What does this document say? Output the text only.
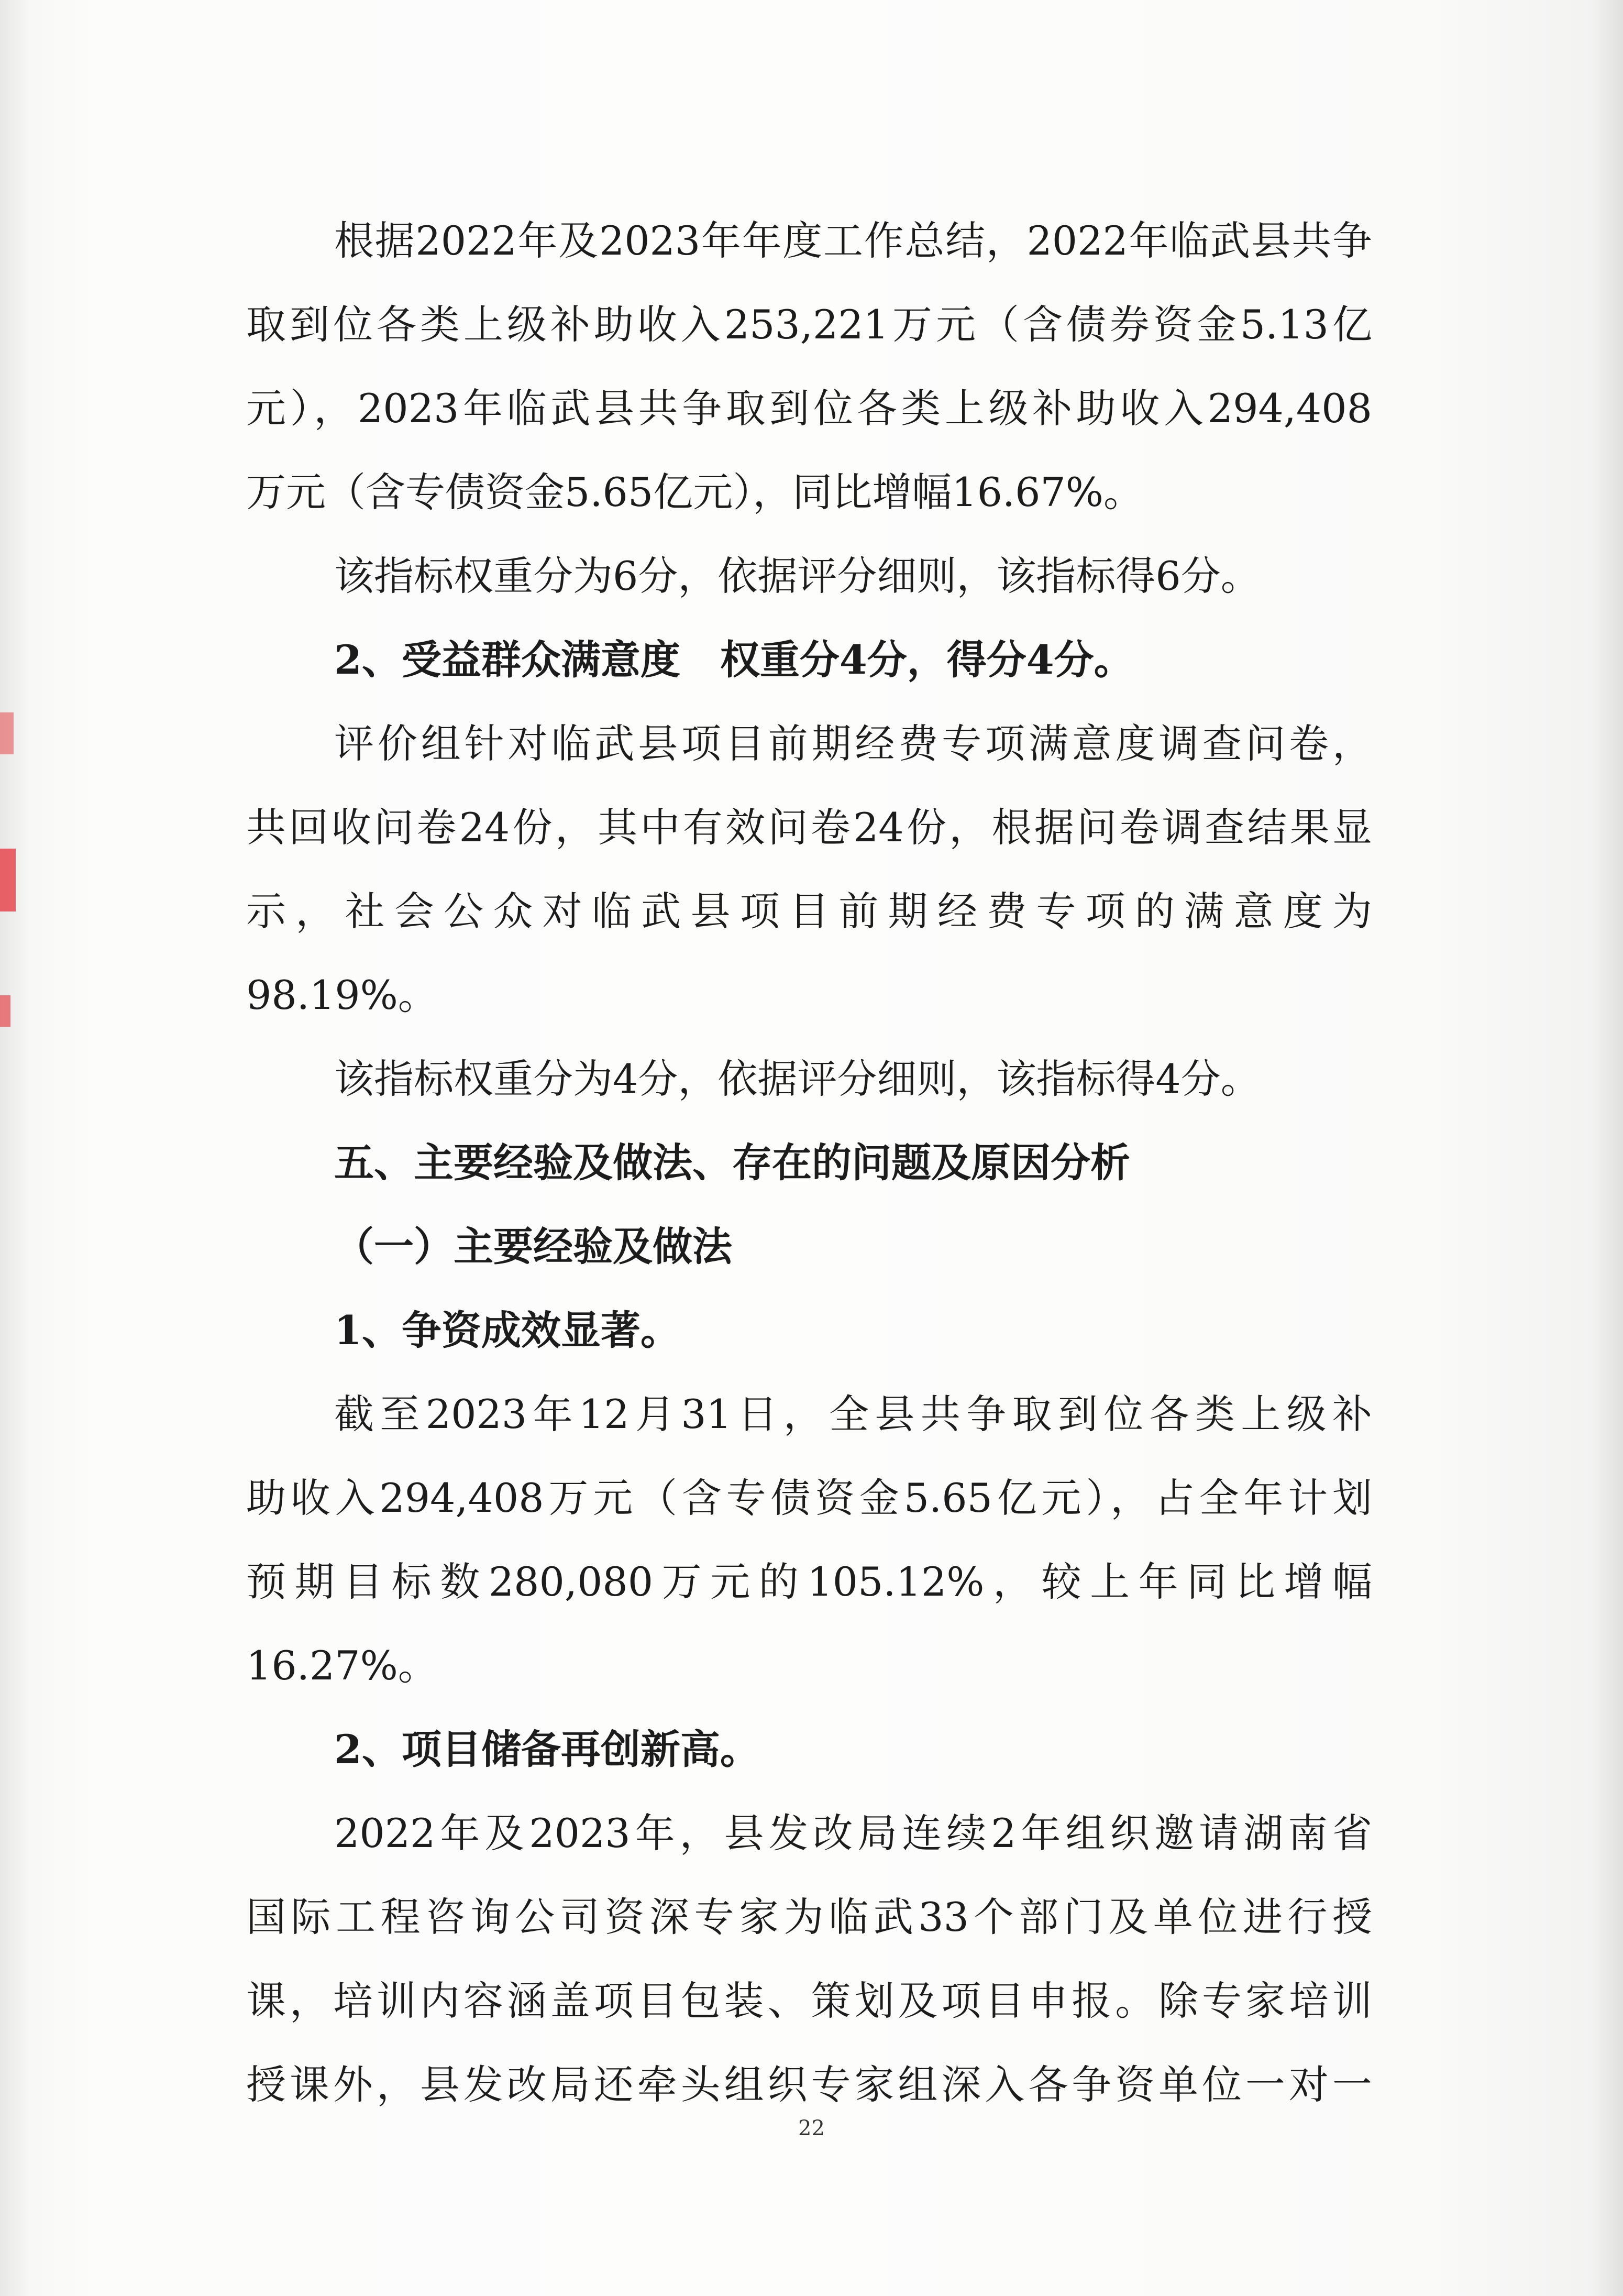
根据2022年及2023年年度工作总结，2022年临武县共争
取到位各类上级补助收入253,221万元（含债券资金5.13亿
元），2023年临武县共争取到位各类上级补助收入294,408
万元（含专债资金5.65亿元），同比增幅16.67%。
该指标权重分为6分，依据评分细则，该指标得6分。
2、受益群众满意度　权重分4分，得分4分。
评价组针对临武县项目前期经费专项满意度调查问卷，
共回收问卷24份，其中有效问卷24份，根据问卷调查结果显
示，社会公众对临武县项目前期经费专项的满意度为
98.19%。
该指标权重分为4分，依据评分细则，该指标得4分。
五、主要经验及做法、存在的问题及原因分析
（一）主要经验及做法
1、争资成效显著。
截至2023年12月31日，全县共争取到位各类上级补
助收入294,408万元（含专债资金5.65亿元），占全年计划
预期目标数280,080万元的105.12%，较上年同比增幅
16.27%。
2、项目储备再创新高。
2022年及2023年，县发改局连续2年组织邀请湖南省
国际工程咨询公司资深专家为临武33个部门及单位进行授
课，培训内容涵盖项目包装、策划及项目申报。除专家培训
授课外，县发改局还牵头组织专家组深入各争资单位一对一
22
